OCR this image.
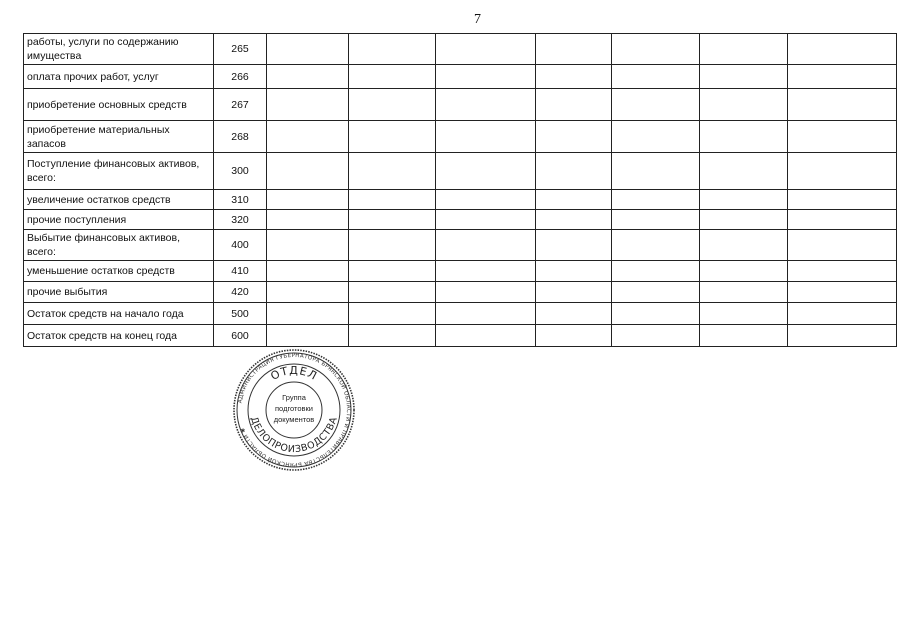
7
работы, услуги по содержанию имуществa	265							
оплата прочих работ, услуг	266							
приобретение основных средств	267							
приобретение материальных запасов	268							
Поступление финансовых активов, всего:	300							
увеличение остатков средств	310							
прочие поступления	320							
Выбытие финансовых активов, всего:	400							
уменьшение остатков средств	410							
прочие выбытия	420							
Остаток средств на начало года	500							
Остаток средств на конец года	600							
АДМИНИСТРАЦИЯ ГУБЕРНАТОРА БРЯНСКОЙ ОБЛАСТИ И ПРАВИТЕЛЬСТВА БРЯНСКОЙ ОБЛАСТИ ✱
ОТДЕЛ
ДЕЛОПРОИЗВОДСТВА
Группа
подготовки
документов
